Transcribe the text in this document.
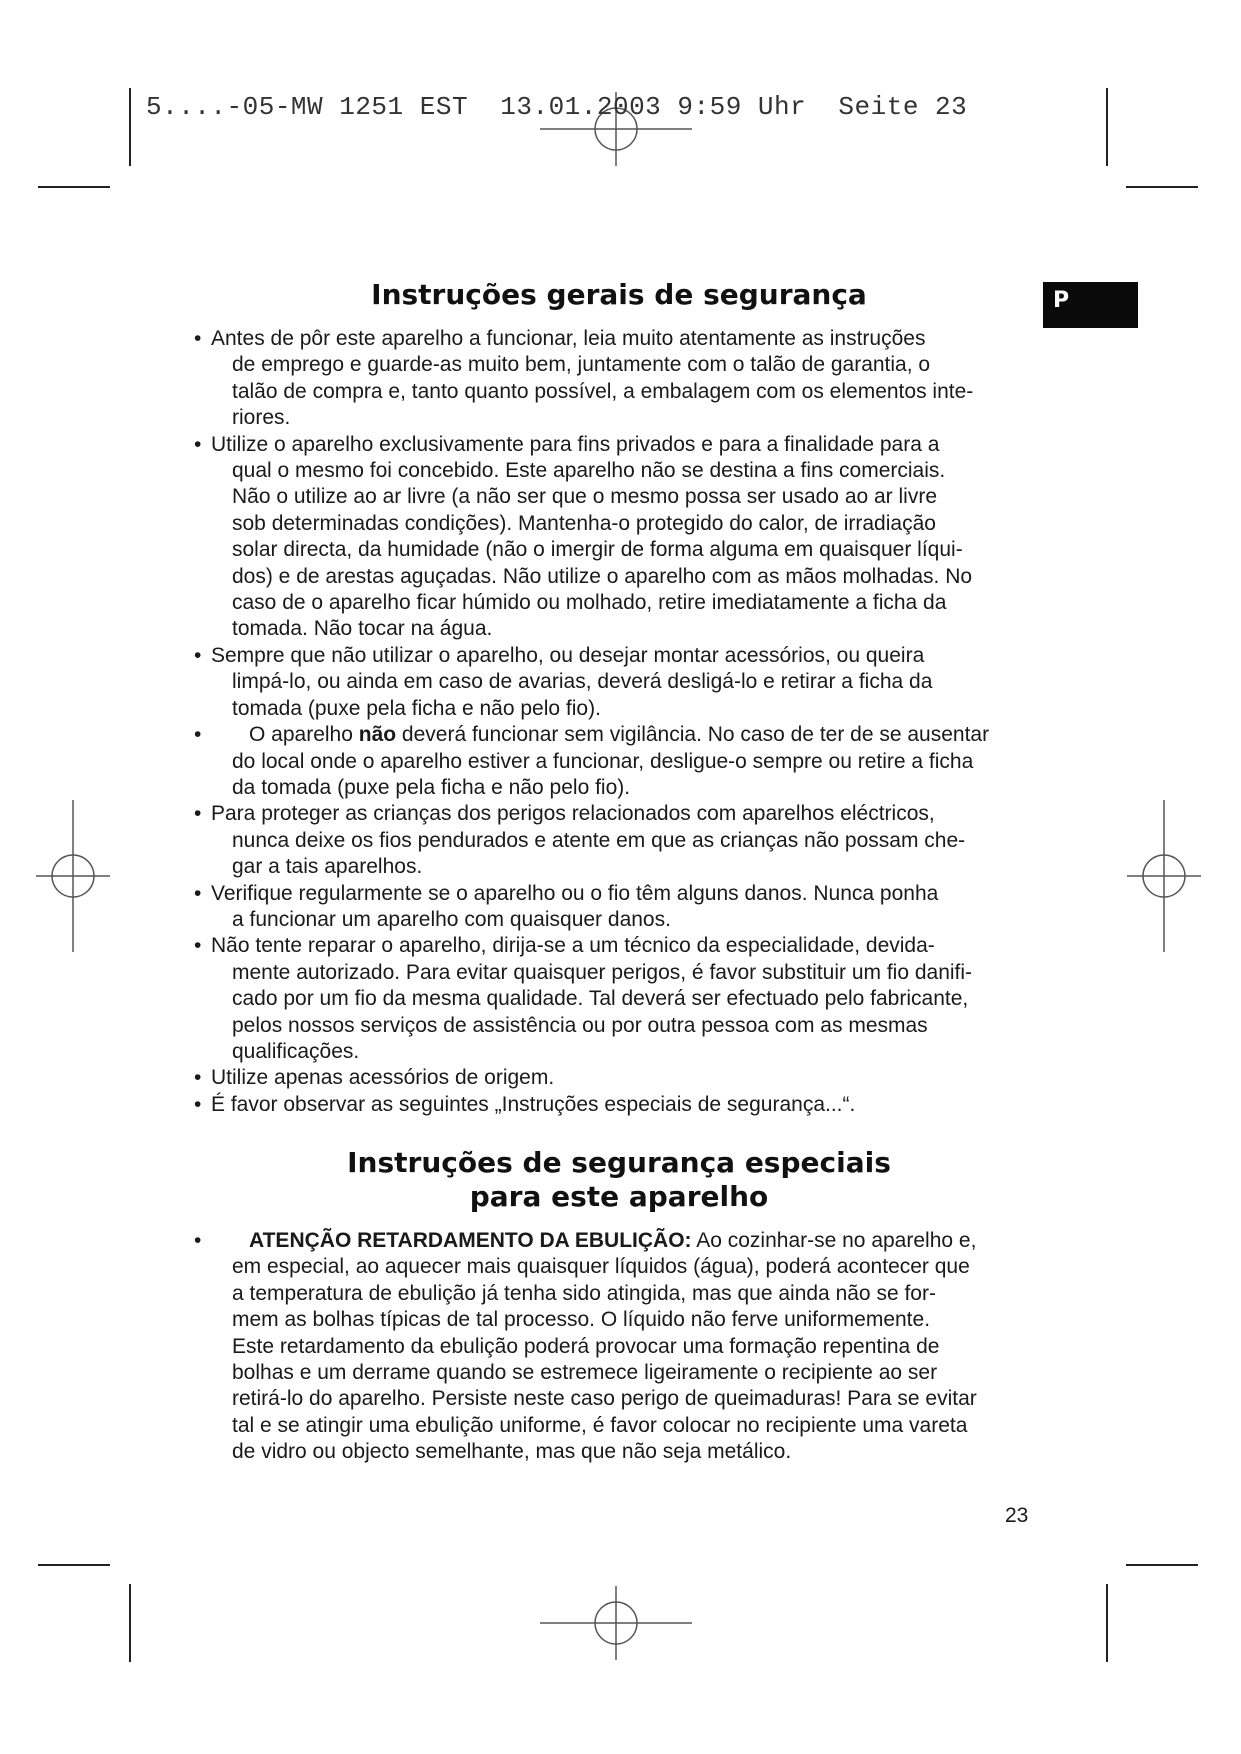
5....-05-MW 1251 EST  13.01.2003 9:59 Uhr  Seite 23

P
Instruções gerais de segurança
• Antes de pôr este aparelho a funcionar, leia muito atentamente as instruções
de emprego e guarde-as muito bem, juntamente com o talão de garantia, o
talão de compra e, tanto quanto possível, a embalagem com os elementos inte-
riores.
• Utilize o aparelho exclusivamente para fins privados e para a finalidade para a
qual o mesmo foi concebido. Este aparelho não se destina a fins comerciais.
Não o utilize ao ar livre (a não ser que o mesmo possa ser usado ao ar livre
sob determinadas condições). Mantenha-o protegido do calor, de irradiação
solar directa, da humidade (não o imergir de forma alguma em quaisquer líqui-
dos) e de arestas aguçadas. Não utilize o aparelho com as mãos molhadas. No
caso de o aparelho ficar húmido ou molhado, retire imediatamente a ficha da
tomada. Não tocar na água.
• Sempre que não utilizar o aparelho, ou desejar montar acessórios, ou queira
limpá-lo, ou ainda em caso de avarias, deverá desligá-lo e retirar a ficha da
tomada (puxe pela ficha e não pelo fio).
• O aparelho não deverá funcionar sem vigilância. No caso de ter de se ausentar
do local onde o aparelho estiver a funcionar, desligue-o sempre ou retire a ficha
da tomada (puxe pela ficha e não pelo fio).
• Para proteger as crianças dos perigos relacionados com aparelhos eléctricos,
nunca deixe os fios pendurados e atente em que as crianças não possam che-
gar a tais aparelhos.
• Verifique regularmente se o aparelho ou o fio têm alguns danos. Nunca ponha
a funcionar um aparelho com quaisquer danos.
• Não tente reparar o aparelho, dirija-se a um técnico da especialidade, devida-
mente autorizado. Para evitar quaisquer perigos, é favor substituir um fio danifi-
cado por um fio da mesma qualidade. Tal deverá ser efectuado pelo fabricante,
pelos nossos serviços de assistência ou por outra pessoa com as mesmas
qualificações.
• Utilize apenas acessórios de origem.
• É favor observar as seguintes „Instruções especiais de segurança...“.
Instruções de segurança especiais
para este aparelho
• ATENÇÃO RETARDAMENTO DA EBULIÇÃO: Ao cozinhar-se no aparelho e,
em especial, ao aquecer mais quaisquer líquidos (água), poderá acontecer que
a temperatura de ebulição já tenha sido atingida, mas que ainda não se for-
mem as bolhas típicas de tal processo. O líquido não ferve uniformemente.
Este retardamento da ebulição poderá provocar uma formação repentina de
bolhas e um derrame quando se estremece ligeiramente o recipiente ao ser
retirá-lo do aparelho. Persiste neste caso perigo de queimaduras! Para se evitar
tal e se atingir uma ebulição uniforme, é favor colocar no recipiente uma vareta
de vidro ou objecto semelhante, mas que não seja metálico.

23
